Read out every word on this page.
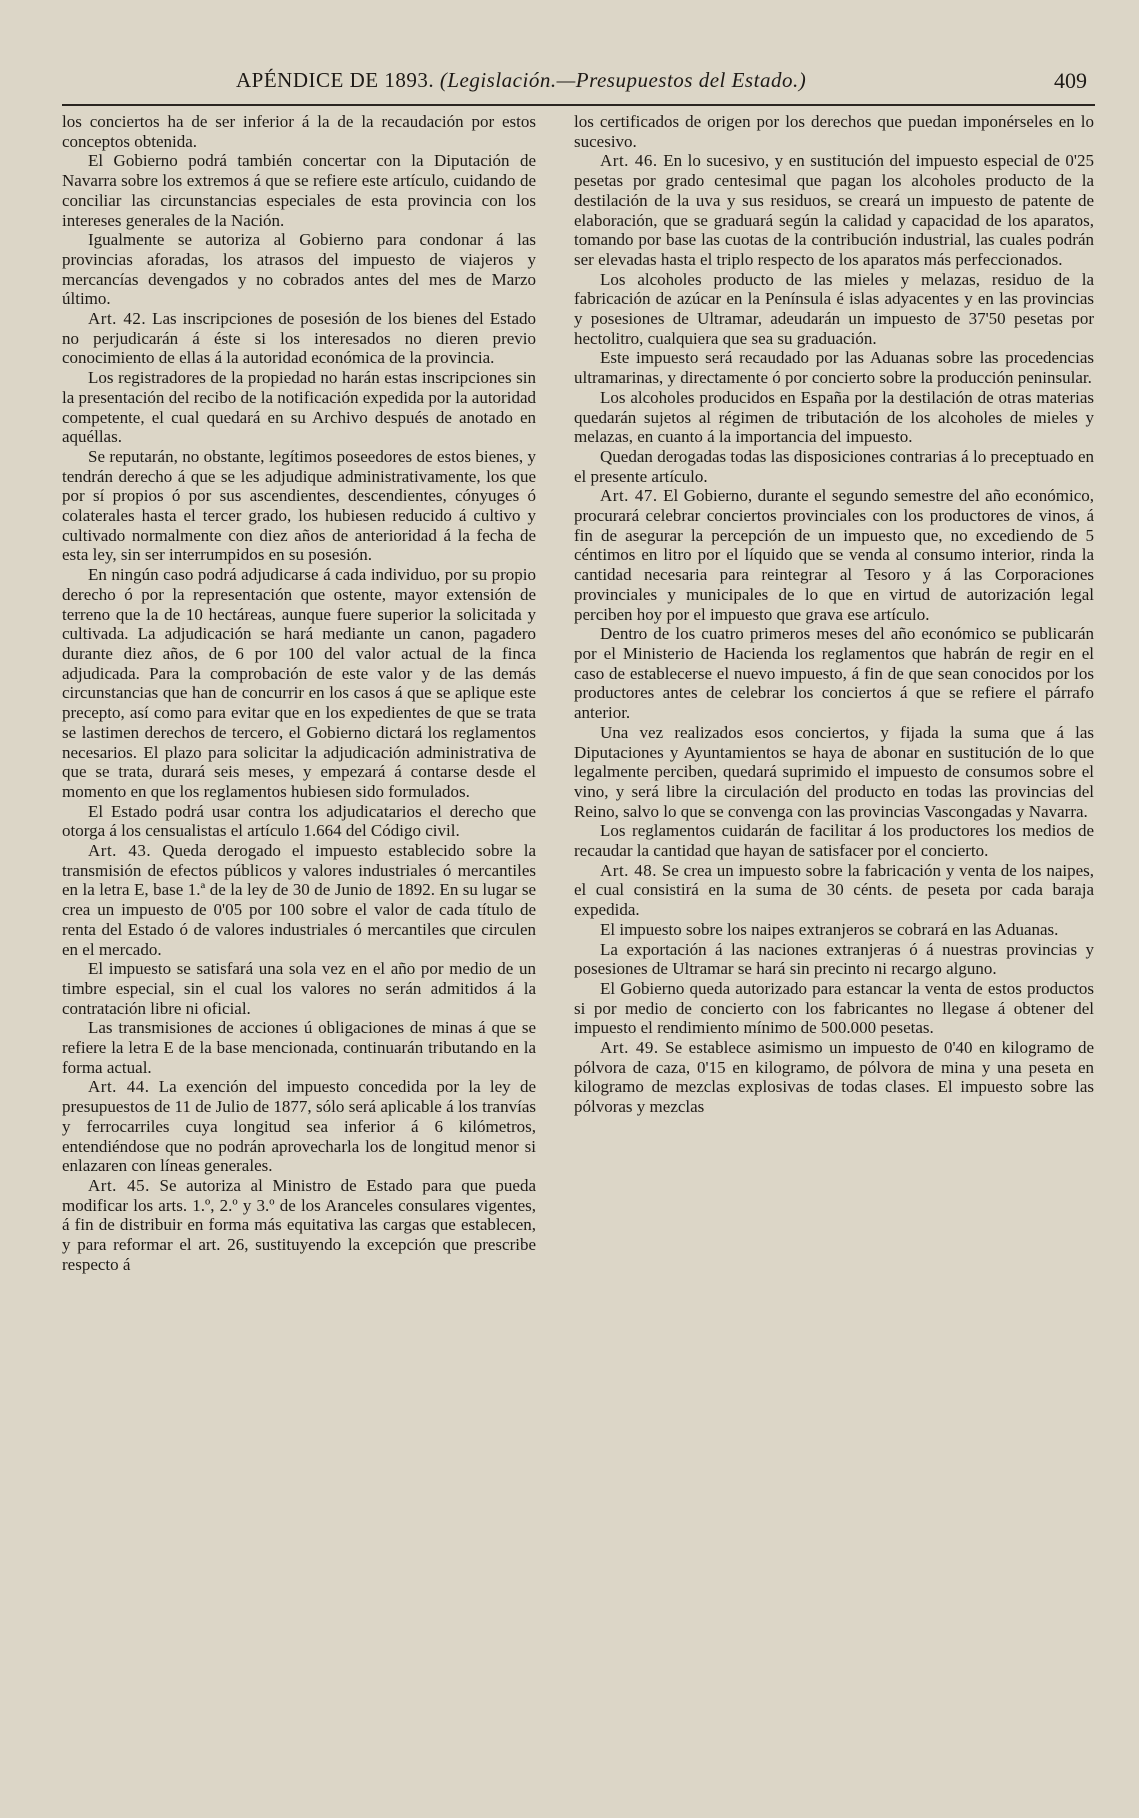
APÉNDICE DE 1893. (Legislación.—Presupuestos del Estado.)	409

los conciertos ha de ser inferior á la de la recaudación por estos conceptos obtenida.

El Gobierno podrá también concertar con la Diputación de Navarra sobre los extremos á que se refiere este artículo, cuidando de conciliar las circunstancias especiales de esta provincia con los intereses generales de la Nación.

Igualmente se autoriza al Gobierno para condonar á las provincias aforadas, los atrasos del impuesto de viajeros y mercancías devengados y no cobrados antes del mes de Marzo último.

Art. 42. Las inscripciones de posesión de los bienes del Estado no perjudicarán á éste si los interesados no dieren previo conocimiento de ellas á la autoridad económica de la provincia.

Los registradores de la propiedad no harán estas inscripciones sin la presentación del recibo de la notificación expedida por la autoridad competente, el cual quedará en su Archivo después de anotado en aquéllas.

Se reputarán, no obstante, legítimos poseedores de estos bienes, y tendrán derecho á que se les adjudique administrativamente, los que por sí propios ó por sus ascendientes, descendientes, cónyuges ó colaterales hasta el tercer grado, los hubiesen reducido á cultivo y cultivado normalmente con diez años de anterioridad á la fecha de esta ley, sin ser interrumpidos en su posesión.

En ningún caso podrá adjudicarse á cada individuo, por su propio derecho ó por la representación que ostente, mayor extensión de terreno que la de 10 hectáreas, aunque fuere superior la solicitada y cultivada. La adjudicación se hará mediante un canon, pagadero durante diez años, de 6 por 100 del valor actual de la finca adjudicada. Para la comprobación de este valor y de las demás circunstancias que han de concurrir en los casos á que se aplique este precepto, así como para evitar que en los expedientes de que se trata se lastimen derechos de tercero, el Gobierno dictará los reglamentos necesarios. El plazo para solicitar la adjudicación administrativa de que se trata, durará seis meses, y empezará á contarse desde el momento en que los reglamentos hubiesen sido formulados.

El Estado podrá usar contra los adjudicatarios el derecho que otorga á los censualistas el artículo 1.664 del Código civil.

Art. 43. Queda derogado el impuesto establecido sobre la transmisión de efectos públicos y valores industriales ó mercantiles en la letra E, base 1.ª de la ley de 30 de Junio de 1892. En su lugar se crea un impuesto de 0'05 por 100 sobre el valor de cada título de renta del Estado ó de valores industriales ó mercantiles que circulen en el mercado.

El impuesto se satisfará una sola vez en el año por medio de un timbre especial, sin el cual los valores no serán admitidos á la contratación libre ni oficial.

Las transmisiones de acciones ú obligaciones de minas á que se refiere la letra E de la base mencionada, continuarán tributando en la forma actual.

Art. 44. La exención del impuesto concedida por la ley de presupuestos de 11 de Julio de 1877, sólo será aplicable á los tranvías y ferrocarriles cuya longitud sea inferior á 6 kilómetros, entendiéndose que no podrán aprovecharla los de longitud menor si enlazaren con líneas generales.

Art. 45. Se autoriza al Ministro de Estado para que pueda modificar los arts. 1.º, 2.º y 3.º de los Aranceles consulares vigentes, á fin de distribuir en forma más equitativa las cargas que establecen, y para reformar el art. 26, sustituyendo la excepción que prescribe respecto á

los certificados de origen por los derechos que puedan imponérseles en lo sucesivo.

Art. 46. En lo sucesivo, y en sustitución del impuesto especial de 0'25 pesetas por grado centesimal que pagan los alcoholes producto de la destilación de la uva y sus residuos, se creará un impuesto de patente de elaboración, que se graduará según la calidad y capacidad de los aparatos, tomando por base las cuotas de la contribución industrial, las cuales podrán ser elevadas hasta el triplo respecto de los aparatos más perfeccionados.

Los alcoholes producto de las mieles y melazas, residuo de la fabricación de azúcar en la Península é islas adyacentes y en las provincias y posesiones de Ultramar, adeudarán un impuesto de 37'50 pesetas por hectolitro, cualquiera que sea su graduación.

Este impuesto será recaudado por las Aduanas sobre las procedencias ultramarinas, y directamente ó por concierto sobre la producción peninsular.

Los alcoholes producidos en España por la destilación de otras materias quedarán sujetos al régimen de tributación de los alcoholes de mieles y melazas, en cuanto á la importancia del impuesto.

Quedan derogadas todas las disposiciones contrarias á lo preceptuado en el presente artículo.

Art. 47. El Gobierno, durante el segundo semestre del año económico, procurará celebrar conciertos provinciales con los productores de vinos, á fin de asegurar la percepción de un impuesto que, no excediendo de 5 céntimos en litro por el líquido que se venda al consumo interior, rinda la cantidad necesaria para reintegrar al Tesoro y á las Corporaciones provinciales y municipales de lo que en virtud de autorización legal perciben hoy por el impuesto que grava ese artículo.

Dentro de los cuatro primeros meses del año económico se publicarán por el Ministerio de Hacienda los reglamentos que habrán de regir en el caso de establecerse el nuevo impuesto, á fin de que sean conocidos por los productores antes de celebrar los conciertos á que se refiere el párrafo anterior.

Una vez realizados esos conciertos, y fijada la suma que á las Diputaciones y Ayuntamientos se haya de abonar en sustitución de lo que legalmente perciben, quedará suprimido el impuesto de consumos sobre el vino, y será libre la circulación del producto en todas las provincias del Reino, salvo lo que se convenga con las provincias Vascongadas y Navarra.

Los reglamentos cuidarán de facilitar á los productores los medios de recaudar la cantidad que hayan de satisfacer por el concierto.

Art. 48. Se crea un impuesto sobre la fabricación y venta de los naipes, el cual consistirá en la suma de 30 cénts. de peseta por cada baraja expedida.

El impuesto sobre los naipes extranjeros se cobrará en las Aduanas.

La exportación á las naciones extranjeras ó á nuestras provincias y posesiones de Ultramar se hará sin precinto ni recargo alguno.

El Gobierno queda autorizado para estancar la venta de estos productos si por medio de concierto con los fabricantes no llegase á obtener del impuesto el rendimiento mínimo de 500.000 pesetas.

Art. 49. Se establece asimismo un impuesto de 0'40 en kilogramo de pólvora de caza, 0'15 en kilogramo, de pólvora de mina y una peseta en kilogramo de mezclas explosivas de todas clases. El impuesto sobre las pólvoras y mezclas
